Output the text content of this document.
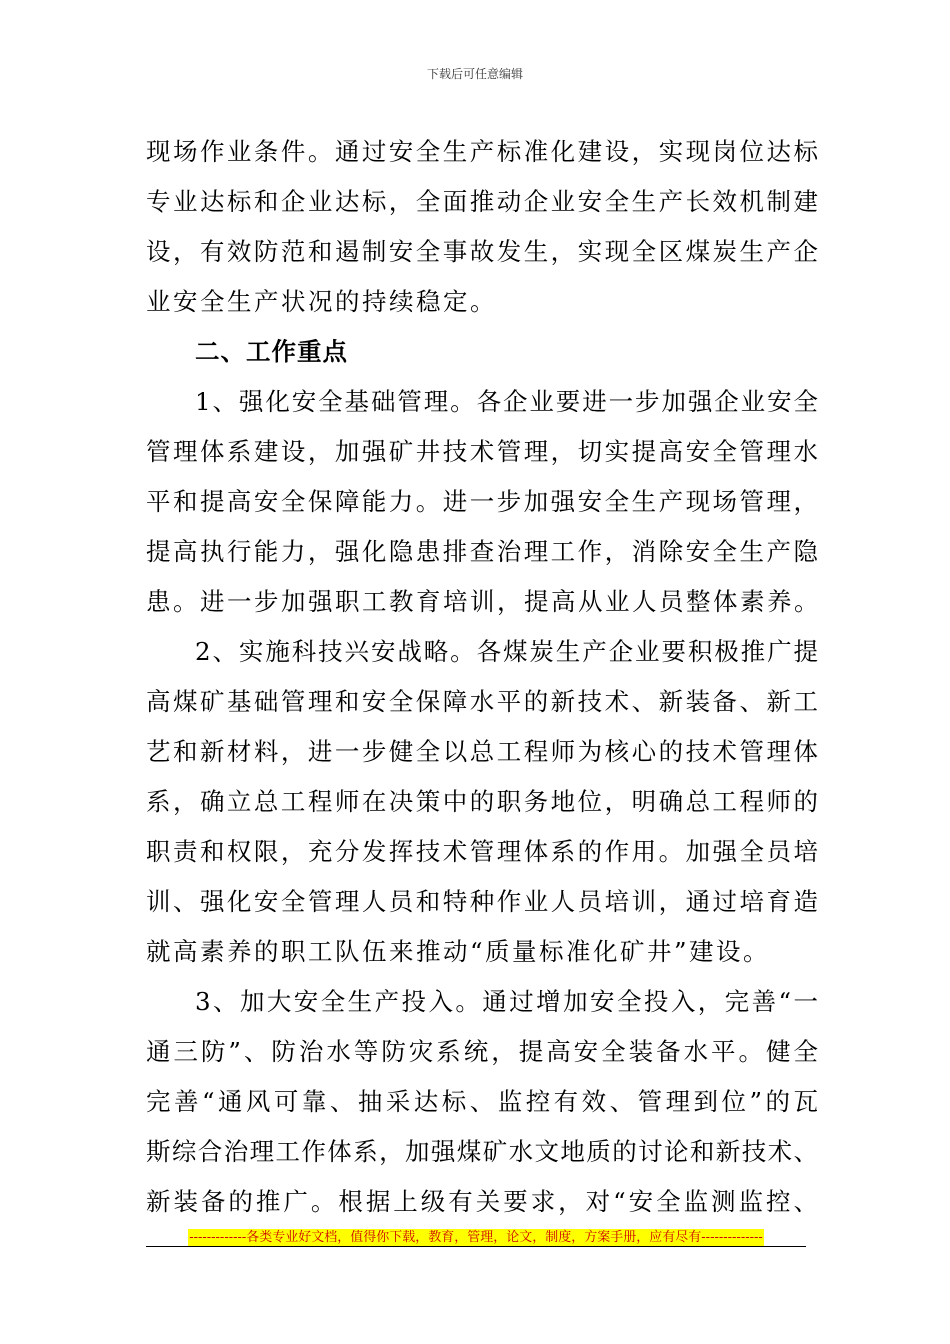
下载后可任意编辑
现场作业条件。通过安全生产标准化建设，实现岗位达标
专业达标和企业达标，全面推动企业安全生产长效机制建
设，有效防范和遏制安全事故发生，实现全区煤炭生产企
业安全生产状况的持续稳定。
二、工作重点
1、强化安全基础管理。各企业要进一步加强企业安全
管理体系建设，加强矿井技术管理，切实提高安全管理水
平和提高安全保障能力。进一步加强安全生产现场管理，
提高执行能力，强化隐患排查治理工作，消除安全生产隐
患。进一步加强职工教育培训，提高从业人员整体素养。
2、实施科技兴安战略。各煤炭生产企业要积极推广提
高煤矿基础管理和安全保障水平的新技术、新装备、新工
艺和新材料，进一步健全以总工程师为核心的技术管理体
系，确立总工程师在决策中的职务地位，明确总工程师的
职责和权限，充分发挥技术管理体系的作用。加强全员培
训、强化安全管理人员和特种作业人员培训，通过培育造
就高素养的职工队伍来推动“质量标准化矿井”建设。
3、加大安全生产投入。通过增加安全投入，完善“一
通三防”、防治水等防灾系统，提高安全装备水平。健全
完善“通风可靠、抽采达标、监控有效、管理到位”的瓦
斯综合治理工作体系，加强煤矿水文地质的讨论和新技术、
新装备的推广。根据上级有关要求，对“安全监测监控、
-------------各类专业好文档，值得你下载，教育，管理，论文，制度，方案手册，应有尽有--------------
